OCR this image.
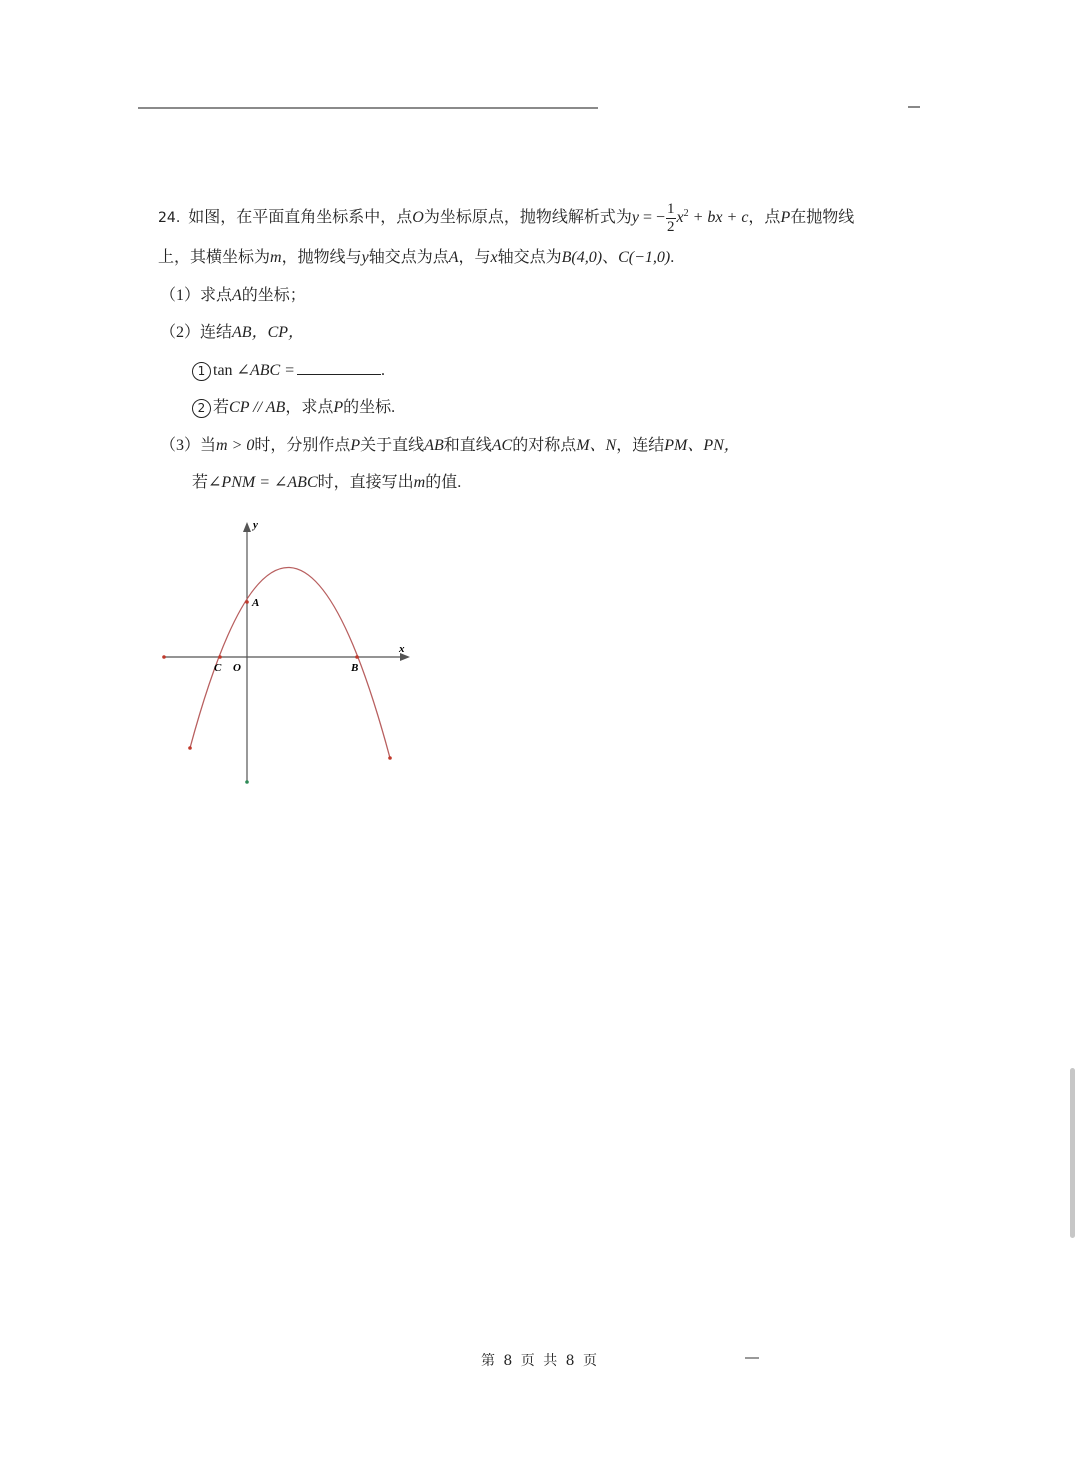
24. 如图，在平面直角坐标系中，点O为坐标原点，抛物线解析式为y = − $\frac{1}{2} x^2$ + bx + c，点P在抛物线
上，其横坐标为m，抛物线与y轴交点为点A，与x轴交点为B(4,0)、C(−1,0).
（1）求点A的坐标；
（2）连结AB，CP，
1 tan ∠ABC =	.
2 若CP // AB，求点P的坐标.
（3）当m > 0时，分别作点P关于直线AB和直线AC的对称点M、N，连结PM、PN，
若∠PNM = ∠ABC时，直接写出m的值.
y
x
A
C O	B
第 8 页 共 8 页
